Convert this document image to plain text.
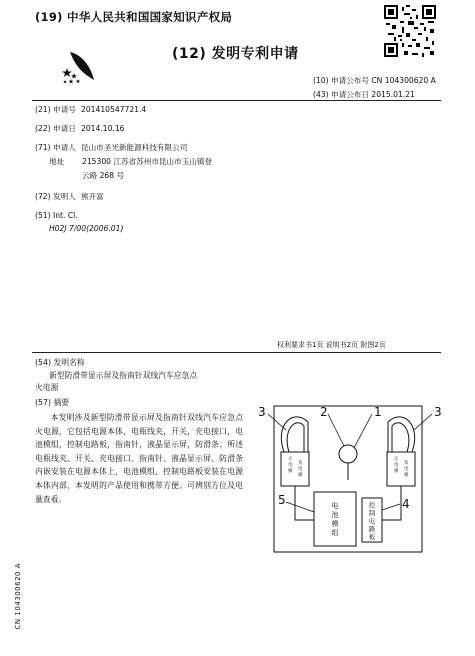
(19) 中华人民共和国国家知识产权局
(12) 发明专利申请
(10) 申请公布号 CN 104300620 A
(43) 申请公布日 2015.01.21
(21) 申请号 201410547721.4
(22) 申请日 2014.10.16
(71) 申请人 昆山市圣光新能源科技有限公司
地址 215300 江苏省苏州市昆山市玉山镇登
云路 268 号
(72) 发明人 熊开富
(51) Int. Cl.
H02J 7/00(2006.01)
权利要求书1页 说明书2页 附图2页
(54) 发明名称
新型防滑带显示屏及指南针双线汽车应急点
火电源
(57) 摘要
本发明涉及新型防滑带显示屏及指南针双线汽车应急点火电源，它包括电源本体，电瓶线夹，开关，充电接口，电池模组，控制电路板，指南针，液晶显示屏，防滑条；所述电瓶线夹、开关、充电接口、指南针、液晶显示屏、防滑条内嵌安装在电源本体上，电池模组、控制电路板安装在电源本体内部，本发明的产品使用和携带方便；可辨别方位及电量查看。
CN 104300620 A
正
电
极
负
电
极
正
电
极
负
电
极
电
池
模
组
控
制
电
路
板
3	2	1	3
5	4
